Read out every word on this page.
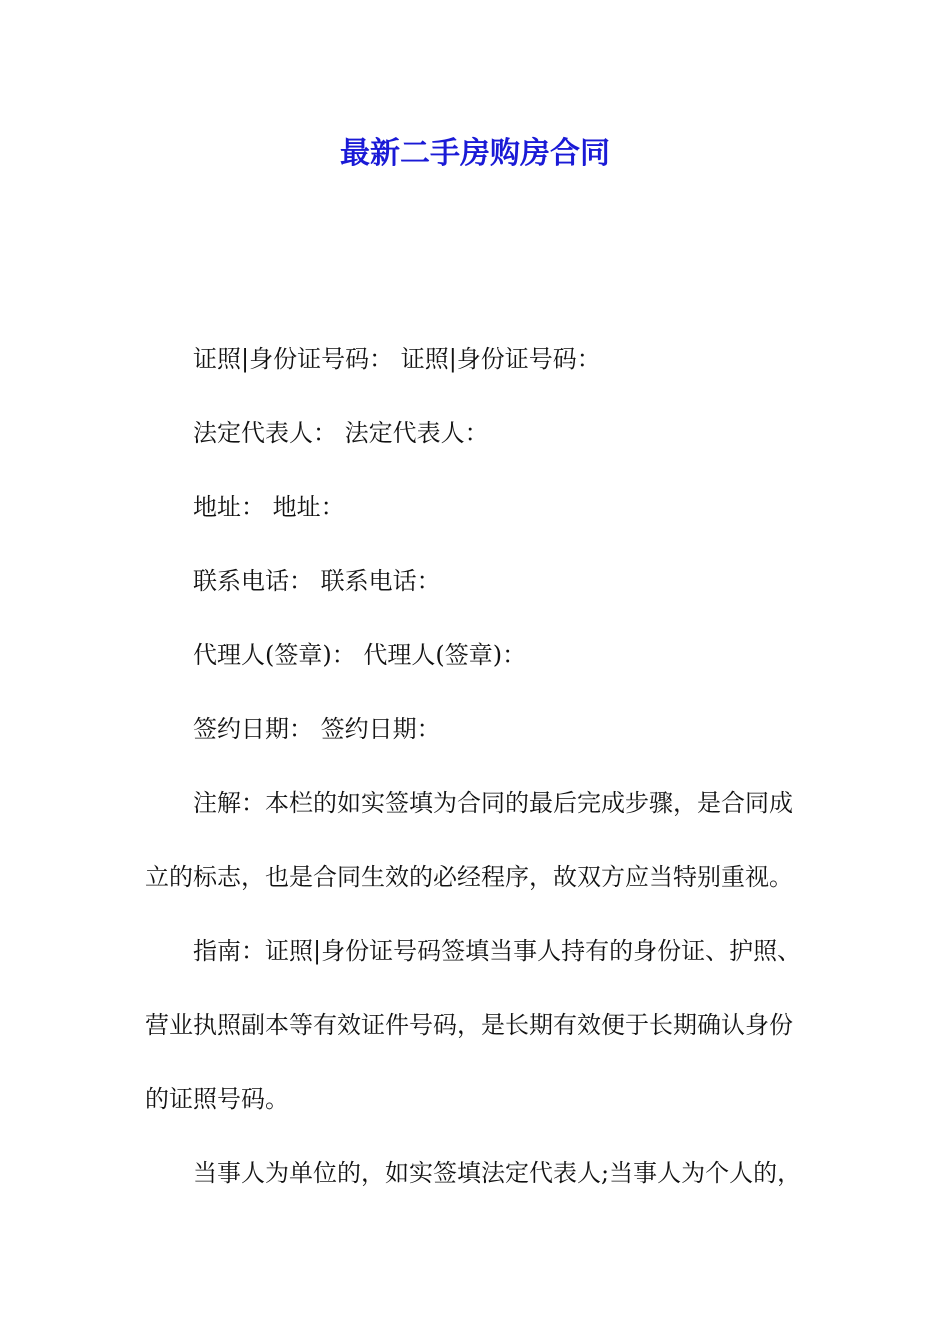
最新二手房购房合同
证照|身份证号码： 证照|身份证号码：
法定代表人： 法定代表人：
地址： 地址：
联系电话： 联系电话：
代理人(签章)： 代理人(签章)：
签约日期： 签约日期：
注解：本栏的如实签填为合同的最后完成步骤，是合同成
立的标志，也是合同生效的必经程序，故双方应当特别重视。
指南：证照|身份证号码签填当事人持有的身份证、护照、
营业执照副本等有效证件号码，是长期有效便于长期确认身份
的证照号码。
当事人为单位的，如实签填法定代表人;当事人为个人的，
